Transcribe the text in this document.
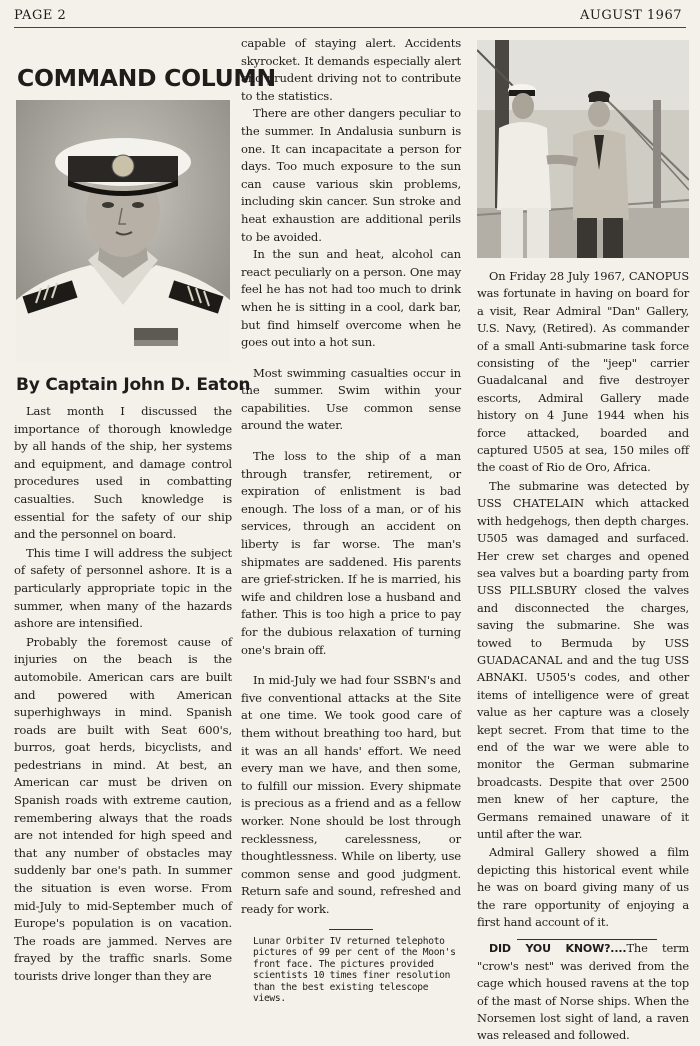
PAGE 2	AUGUST 1967
COMMAND COLUMN
By Captain John D. Eaton

Last month I discussed the importance of thorough knowledge by all hands of the ship, her systems and equipment, and damage control procedures used in combatting casualties. Such knowledge is essential for the safety of our ship and the personnel on board.

This time I will address the subject of safety of personnel ashore. It is a particularly appropriate topic in the summer, when many of the hazards ashore are intensified.

Probably the foremost cause of injuries on the beach is the automobile. American cars are built and powered with American superhighways in mind. Spanish roads are built with Seat 600's, burros, goat herds, bicyclists, and pedestrians in mind. At best, an American car must be driven on Spanish roads with extreme caution, remembering always that the roads are not intended for high speed and that any number of obstacles may suddenly bar one's path. In summer the situation is even worse. From mid-July to mid-September much of Europe's population is on vacation. The roads are jammed. Nerves are frayed by the traffic snarls. Some tourists drive longer than they are

capable of staying alert. Accidents skyrocket. It demands especially alert and prudent driving not to contribute to the statistics.

There are other dangers peculiar to the summer. In Andalusia sunburn is one. It can incapacitate a person for days. Too much exposure to the sun can cause various skin problems, including skin cancer. Sun stroke and heat exhaustion are additional perils to be avoided.

In the sun and heat, alcohol can react peculiarly on a person. One may feel he has not had too much to drink when he is sitting in a cool, dark bar, but find himself overcome when he goes out into a hot sun.

Most swimming casualties occur in the summer. Swim within your capabilities. Use common sense around the water.

The loss to the ship of a man through transfer, retirement, or expiration of enlistment is bad enough. The loss of a man, or of his services, through an accident on liberty is far worse. The man's shipmates are saddened. His parents are grief-stricken. If he is married, his wife and children lose a husband and father. This is too high a price to pay for the dubious relaxation of turning one's brain off.

In mid-July we had four SSBN's and five conventional attacks at the Site at one time. We took good care of them without breathing too hard, but it was an all hands' effort. We need every man we have, and then some, to fulfill our mission. Every shipmate is precious as a friend and as a fellow worker. None should be lost through recklessness, carelessness, or thoughtlessness. While on liberty, use common sense and good judgment. Return safe and sound, refreshed and ready for work.

Lunar Orbiter IV returned telephoto pictures of 99 per cent of the Moon's front face. The pictures provided scientists 10 times finer resolution than the best existing telescope views.

On Friday 28 July 1967, CANOPUS was fortunate in having on board for a visit, Rear Admiral "Dan" Gallery, U.S. Navy, (Retired). As commander of a small Anti-submarine task force consisting of the "jeep" carrier Guadalcanal and five destroyer escorts, Admiral Gallery made history on 4 June 1944 when his force attacked, boarded and captured U505 at sea, 150 miles off the coast of Rio de Oro, Africa.

The submarine was detected by USS CHATELAIN which attacked with hedgehogs, then depth charges. U505 was damaged and surfaced. Her crew set charges and opened sea valves but a boarding party from USS PILLSBURY closed the valves and disconnected the charges, saving the submarine. She was towed to Bermuda by USS GUADACANAL and and the tug USS ABNAKI. U505's codes, and other items of intelligence were of great value as her capture was a closely kept secret. From that time to the end of the war we were able to monitor the German submarine broadcasts. Despite that over 2500 men knew of her capture, the Germans remained unaware of it until after the war.

Admiral Gallery showed a film depicting this historical event while he was on board giving many of us the rare opportunity of enjoying a first hand account of it.

DID YOU KNOW?....The term "crow's nest" was derived from the cage which housed ravens at the top of the mast of Norse ships. When the Norsemen lost sight of land, a raven was released and followed.
